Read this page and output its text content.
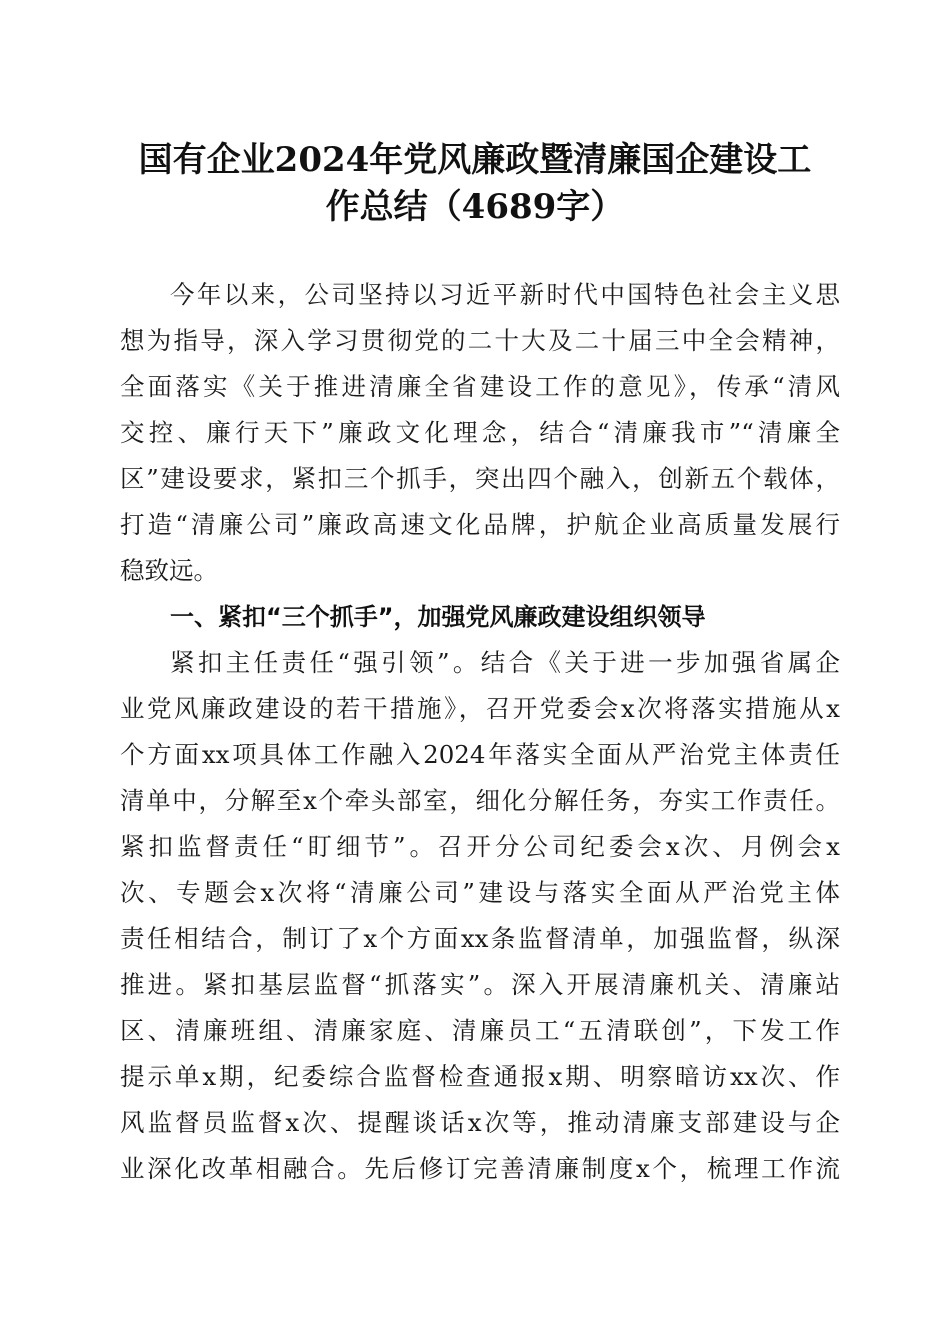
国有企业2024年党风廉政暨清廉国企建设工
作总结（4689字）
今年以来，公司坚持以习近平新时代中国特色社会主义思
想为指导，深入学习贯彻党的二十大及二十届三中全会精神，
全面落实《关于推进清廉全省建设工作的意见》，传承“清风
交控、廉行天下”廉政文化理念，结合“清廉我市”“清廉全
区”建设要求，紧扣三个抓手，突出四个融入，创新五个载体，
打造“清廉公司”廉政高速文化品牌，护航企业高质量发展行
稳致远。
一、紧扣“三个抓手”，加强党风廉政建设组织领导
紧扣主任责任“强引领”。结合《关于进一步加强省属企
业党风廉政建设的若干措施》，召开党委会x次将落实措施从x
个方面xx项具体工作融入2024年落实全面从严治党主体责任
清单中，分解至x个牵头部室，细化分解任务，夯实工作责任。
紧扣监督责任“盯细节”。召开分公司纪委会x次、月例会x
次、专题会x次将“清廉公司”建设与落实全面从严治党主体
责任相结合，制订了x个方面xx条监督清单，加强监督，纵深
推进。紧扣基层监督“抓落实”。深入开展清廉机关、清廉站
区、清廉班组、清廉家庭、清廉员工“五清联创”，下发工作
提示单x期，纪委综合监督检查通报x期、明察暗访xx次、作
风监督员监督x次、提醒谈话x次等，推动清廉支部建设与企
业深化改革相融合。先后修订完善清廉制度x个，梳理工作流
